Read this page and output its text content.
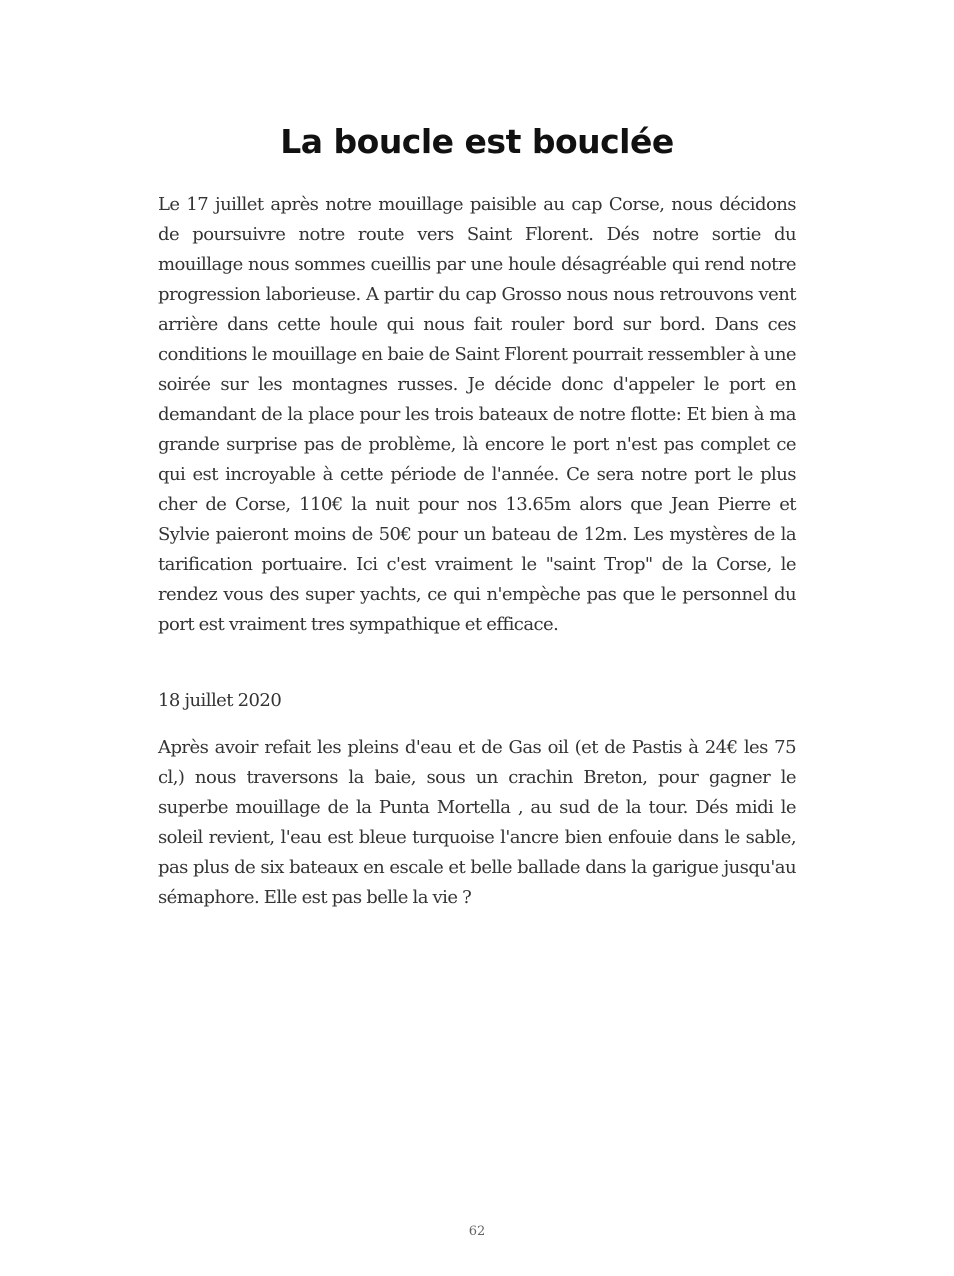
La boucle est bouclée

Le 17 juillet après notre mouillage paisible au cap Corse, nous décidons de poursuivre notre route vers Saint Florent. Dés notre sortie du mouillage nous sommes cueillis par une houle désagréable qui rend notre progression laborieuse. A partir du cap Grosso nous nous retrouvons vent arrière dans cette houle qui nous fait rouler bord sur bord. Dans ces conditions le mouillage en baie de Saint Florent pourrait ressembler à une soirée sur les montagnes russes. Je décide donc d'appeler le port en demandant de la place pour les trois bateaux de notre flotte: Et bien à ma grande surprise pas de problème, là encore le port n'est pas complet ce qui est incroyable à cette période de l'année. Ce sera notre port le plus cher de Corse, 110€ la nuit pour nos 13.65m alors que Jean Pierre et Sylvie paieront moins de 50€ pour un bateau de 12m. Les mystères de la tarification portuaire. Ici c'est vraiment le "saint Trop" de la Corse, le rendez vous des super yachts, ce qui n'empèche pas que le personnel du port est vraiment tres sympathique et efficace.

18 juillet 2020

Après avoir refait les pleins d'eau et de Gas oil (et de Pastis à 24€ les 75 cl,) nous traversons la baie, sous un crachin Breton, pour gagner le superbe mouillage de la Punta Mortella , au sud de la tour. Dés midi le soleil revient, l'eau est bleue turquoise l'ancre bien enfouie dans le sable, pas plus de six bateaux en escale et belle ballade dans la garigue jusqu'au sémaphore. Elle est pas belle la vie ?

62
